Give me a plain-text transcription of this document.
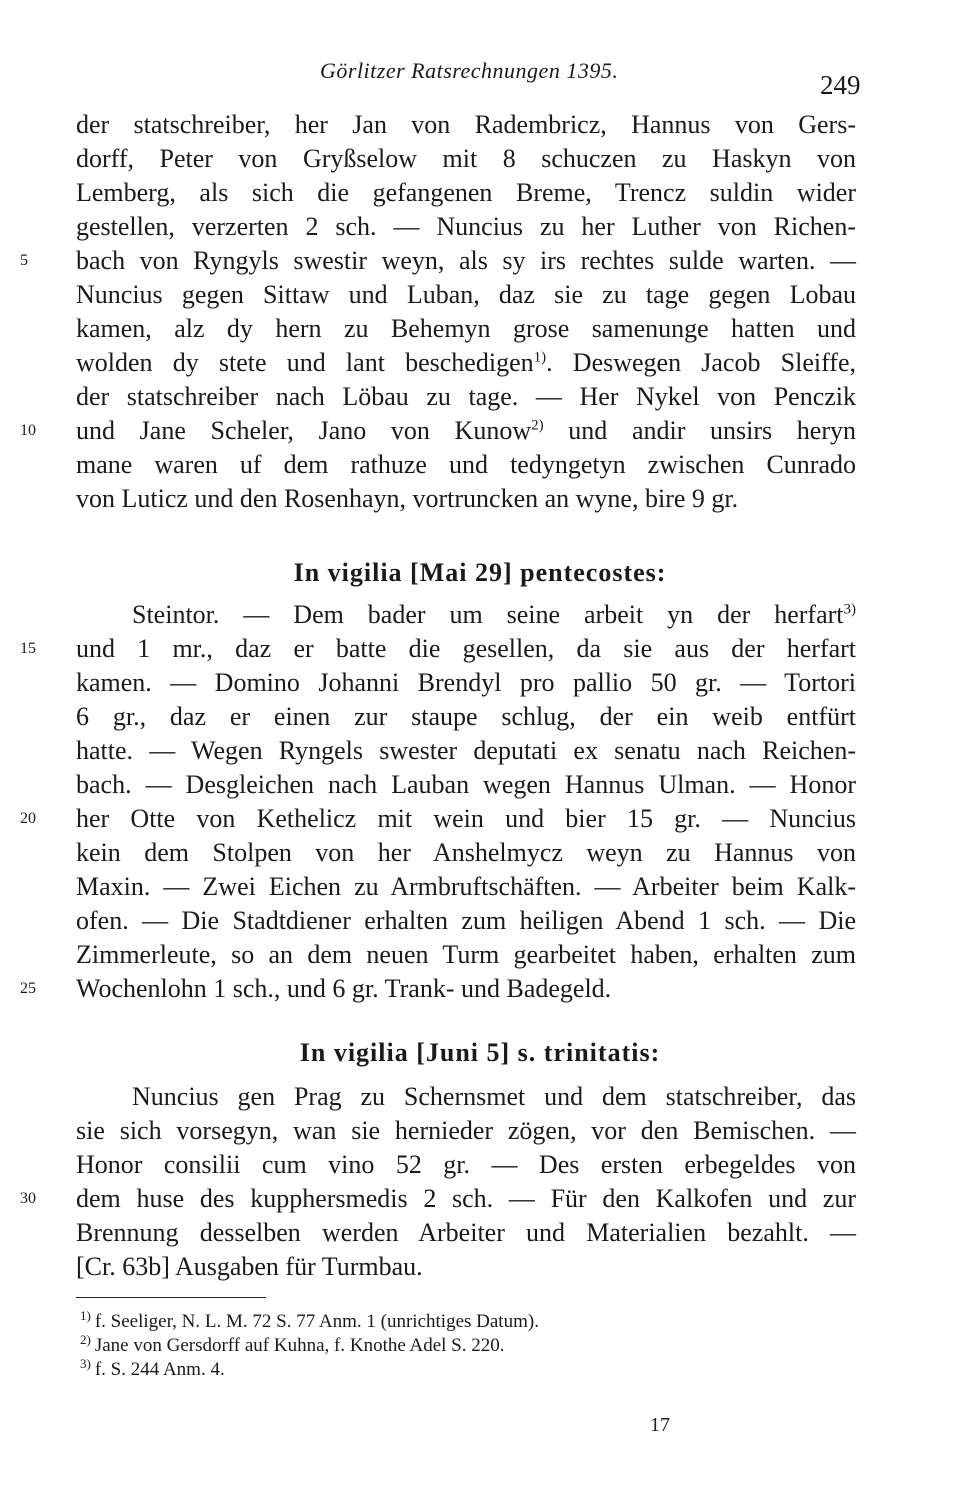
Görlitzer Ratsrechnungen 1395.	249
der statschreiber, her Jan von Radembricz, Hannus von Gers-
dorff, Peter von Gryßselow mit 8 schuczen zu Haskyn von
Lemberg, als sich die gefangenen Breme, Trencz suldin wider
gestellen, verzerten 2 sch. — Nuncius zu her Luther von Richen-
5	bach von Ryngyls swestir weyn, als sy irs rechtes sulde warten. —
Nuncius gegen Sittaw und Luban, daz sie zu tage gegen Lobau
kamen, alz dy hern zu Behemyn grose samenunge hatten und
wolden dy stete und lant beschedigen$^{1)}$. Deswegen Jacob Sleiffe,
der statschreiber nach Löbau zu tage. — Her Nykel von Penczik
10	und Jane Scheler, Jano von Kunow$^{2)}$ und andir unsirs heryn
mane waren uf dem rathuze und tedyngetyn zwischen Cunrado
von Luticz und den Rosenhayn, vortruncken an wyne, bire 9 gr.
In vigilia [Mai 29] pentecostes:
Steintor. — Dem bader um seine arbeit yn der herfart$^{3)}$
15	und 1 mr., daz er batte die gesellen, da sie aus der herfart
kamen. — Domino Johanni Brendyl pro pallio 50 gr. — Tortori
6 gr., daz er einen zur staupe schlug, der ein weib entfürt
hatte. — Wegen Ryngels swester deputati ex senatu nach Reichen-
bach. — Desgleichen nach Lauban wegen Hannus Ulman. — Honor
20	her Otte von Kethelicz mit wein und bier 15 gr. — Nuncius
kein dem Stolpen von her Anshelmycz weyn zu Hannus von
Maxin. — Zwei Eichen zu Armbruftschäften. — Arbeiter beim Kalk-
ofen. — Die Stadtdiener erhalten zum heiligen Abend 1 sch. — Die
Zimmerleute, so an dem neuen Turm gearbeitet haben, erhalten zum
25	Wochenlohn 1 sch., und 6 gr. Trank- und Badegeld.
In vigilia [Juni 5] s. trinitatis:
Nuncius gen Prag zu Schernsmet und dem statschreiber, das
sie sich vorsegyn, wan sie hernieder zögen, vor den Bemischen. —
Honor consilii cum vino 52 gr. — Des ersten erbegeldes von
30	dem huse des kupphersmedis 2 sch. — Für den Kalkofen und zur
Brennung desselben werden Arbeiter und Materialien bezahlt. —
[Cr. 63b] Ausgaben für Turmbau.
$^{1)}$ f. Seeliger, N. L. M. 72 S. 77 Anm. 1 (unrichtiges Datum).
$^{2)}$ Jane von Gersdorff auf Kuhna, f. Knothe Adel S. 220.
$^{3)}$ f. S. 244 Anm. 4.
17
